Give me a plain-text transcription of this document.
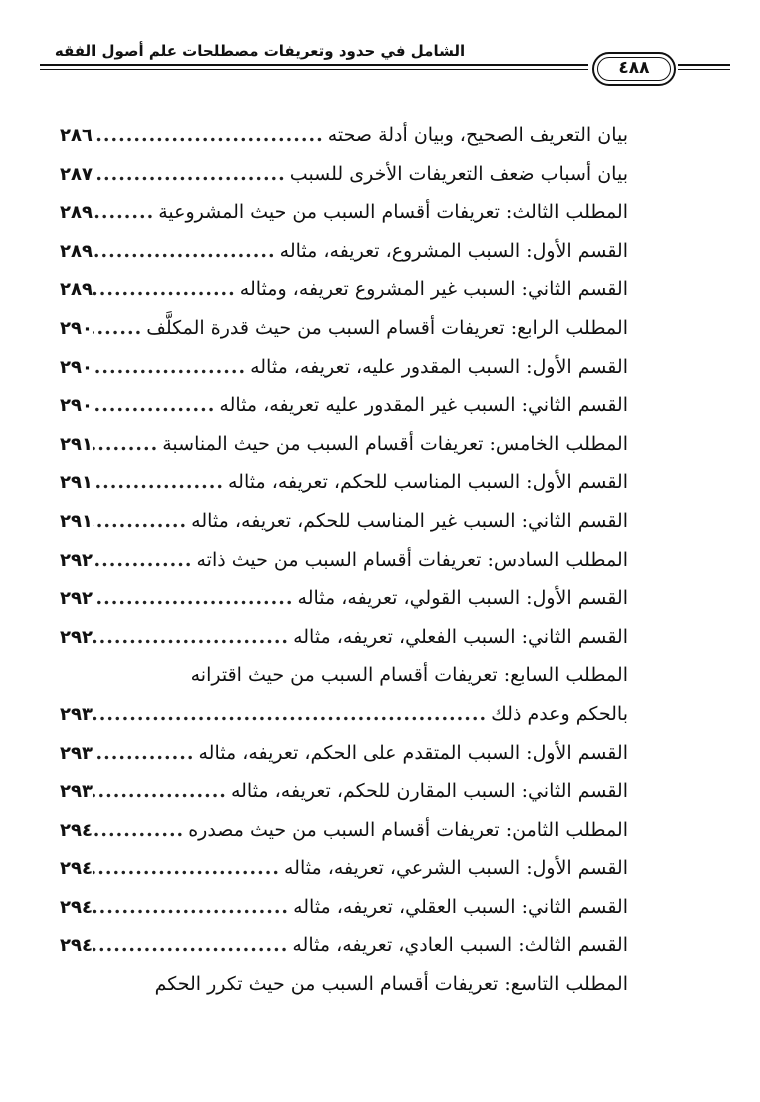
الشامل في حدود وتعريفات مصطلحات علم أصول الفقه
٤٨٨
بيان التعريف الصحيح، وبيان أدلة صحته
.....
٢٨٦
بيان أسباب ضعف التعريفات الأخرى للسبب
.....
٢٨٧
المطلب الثالث: تعريفات أقسام السبب من حيث المشروعية
.....
٢٨٩
القسم الأول: السبب المشروع، تعريفه، مثاله
.....
٢٨٩
القسم الثاني: السبب غير المشروع تعريفه، ومثاله
.....
٢٨٩
المطلب الرابع: تعريفات أقسام السبب من حيث قدرة المكلَّف
.....
٢٩٠
القسم الأول: السبب المقدور عليه، تعريفه، مثاله
.....
٢٩٠
القسم الثاني: السبب غير المقدور عليه تعريفه، مثاله
.....
٢٩٠
المطلب الخامس: تعريفات أقسام السبب من حيث المناسبة
.....
٢٩١
القسم الأول: السبب المناسب للحكم، تعريفه، مثاله
.....
٢٩١
القسم الثاني: السبب غير المناسب للحكم، تعريفه، مثاله
.....
٢٩١
المطلب السادس: تعريفات أقسام السبب من حيث ذاته
.....
٢٩٢
القسم الأول: السبب القولي، تعريفه، مثاله
.....
٢٩٢
القسم الثاني: السبب الفعلي، تعريفه، مثاله
.....
٢٩٢
المطلب السابع: تعريفات أقسام السبب من حيث اقترانه
بالحكم وعدم ذلك
.....
٢٩٣
القسم الأول: السبب المتقدم على الحكم، تعريفه، مثاله
.....
٢٩٣
القسم الثاني: السبب المقارن للحكم، تعريفه، مثاله
.....
٢٩٣
المطلب الثامن: تعريفات أقسام السبب من حيث مصدره
.....
٢٩٤
القسم الأول: السبب الشرعي، تعريفه، مثاله
.....
٢٩٤
القسم الثاني: السبب العقلي، تعريفه، مثاله
.....
٢٩٤
القسم الثالث: السبب العادي، تعريفه، مثاله
.....
٢٩٤
المطلب التاسع: تعريفات أقسام السبب من حيث تكرر الحكم
